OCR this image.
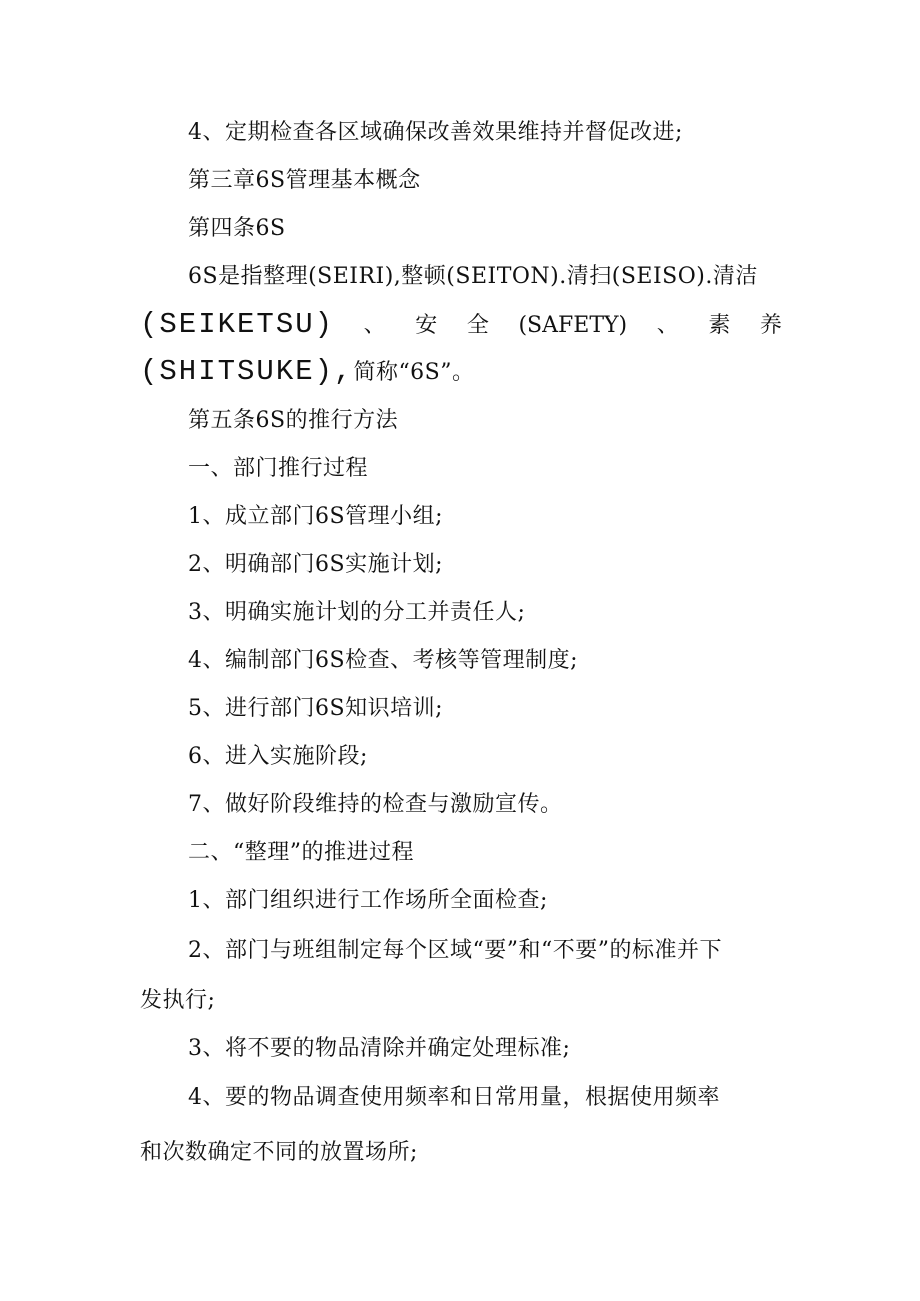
4、定期检查各区域确保改善效果维持并督促改进;
第三章6S管理基本概念
第四条6S
6S是指整理(SEIRI),整顿(SEITON).清扫(SEISO).清洁
(SEIKETSU) 、 安 全 (SAFETY) 、 素 养
(SHITSUKE),简称“6S”。
第五条6S的推行方法
一、部门推行过程
1、成立部门6S管理小组;
2、明确部门6S实施计划;
3、明确实施计划的分工并责任人;
4、编制部门6S检查、考核等管理制度;
5、进行部门6S知识培训;
6、进入实施阶段;
7、做好阶段维持的检查与激励宣传。
二、“整理”的推进过程
1、部门组织进行工作场所全面检查;
2、部门与班组制定每个区域“要”和“不要”的标准并下
发执行;
3、将不要的物品清除并确定处理标准;
4、要的物品调查使用频率和日常用量，根据使用频率
和次数确定不同的放置场所;
